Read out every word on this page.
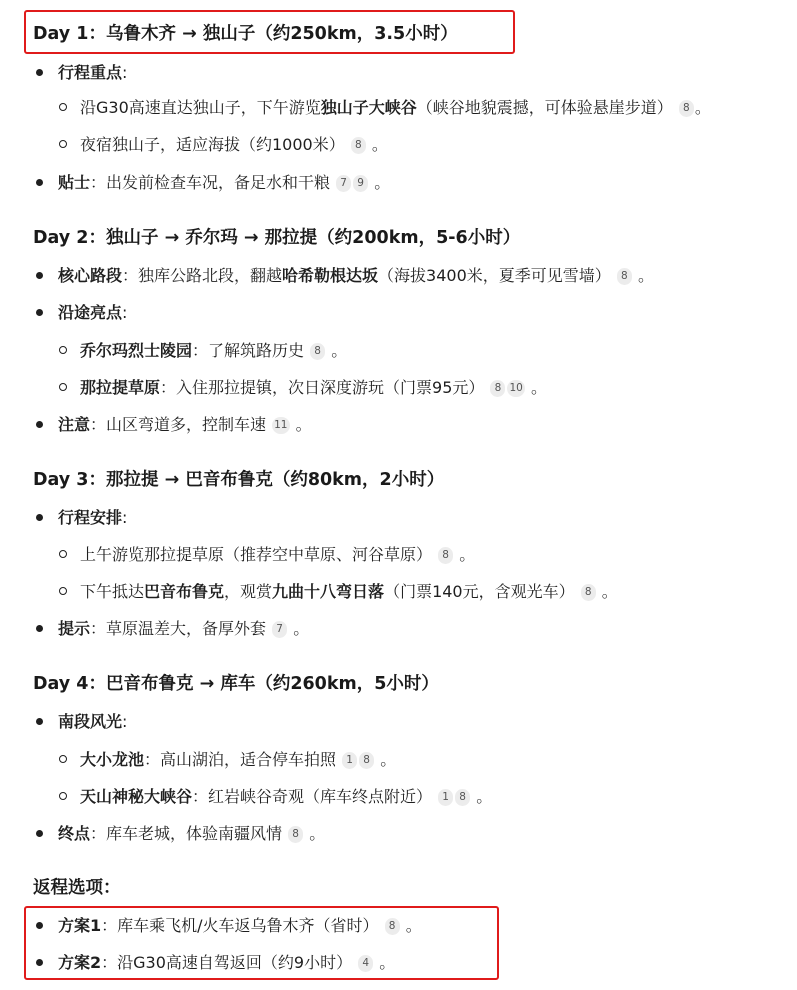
Day 1：乌鲁木齐 → 独山子（约250km，3.5小时）
行程重点:
沿G30高速直达独山子，下午游览独山子大峡谷（峡谷地貌震撼，可体验悬崖步道） 8 。
夜宿独山子，适应海拔（约1000米） 8 。
贴士：出发前检查车况，备足水和干粮 7 9 。
Day 2：独山子 → 乔尔玛 → 那拉提（约200km，5-6小时）
核心路段：独库公路北段，翻越哈希勒根达坂（海拔3400米，夏季可见雪墙） 8 。
沿途亮点:
乔尔玛烈士陵园：了解筑路历史 8 。
那拉提草原：入住那拉提镇，次日深度游玩（门票95元） 8 10 。
注意：山区弯道多，控制车速 11 。
Day 3：那拉提 → 巴音布鲁克（约80km，2小时）
行程安排:
上午游览那拉提草原（推荐空中草原、河谷草原） 8 。
下午抵达巴音布鲁克，观赏九曲十八弯日落（门票140元，含观光车） 8 。
提示：草原温差大，备厚外套 7 。
Day 4：巴音布鲁克 → 库车（约260km，5小时）
南段风光:
大小龙池：高山湖泊，适合停车拍照 1 8 。
天山神秘大峡谷：红岩峡谷奇观（库车终点附近） 1 8 。
终点：库车老城，体验南疆风情 8 。
返程选项：
方案1：库车乘飞机/火车返乌鲁木齐（省时） 8 。
方案2：沿G30高速自驾返回（约9小时） 4 。
